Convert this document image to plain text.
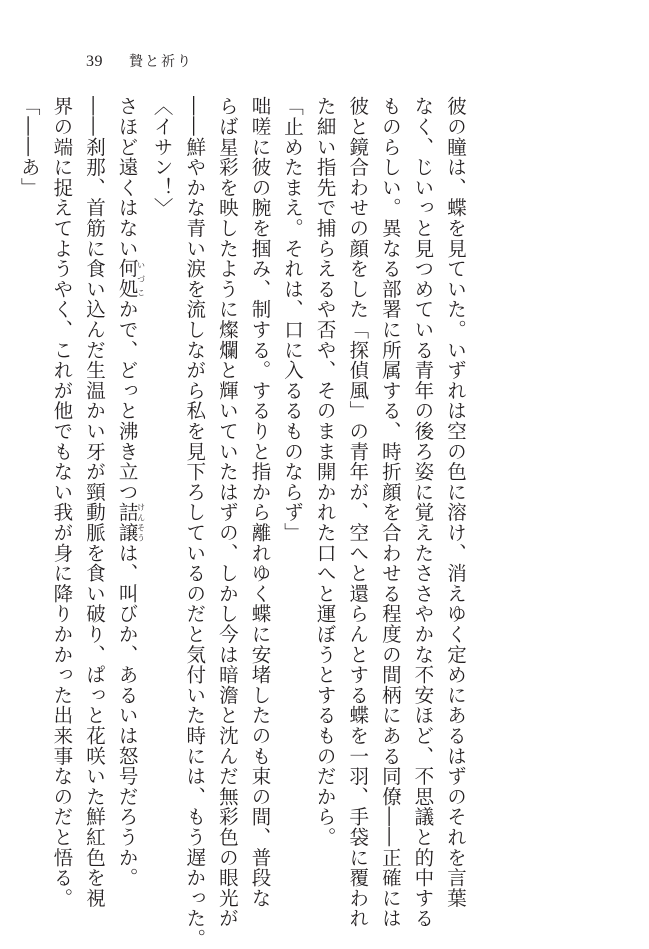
39 贄と祈り
彼の瞳は、蝶を見ていた。いずれは空の色に溶け、消えゆく定めにあるはずのそれを言葉
なく、じいっと見つめている青年の後ろ姿に覚えたささやかな不安ほど、不思議と的中する
ものらしい。異なる部署に所属する、時折顔を合わせる程度の間柄にある同僚――正確には
彼と鏡合わせの顔をした「探偵風」の青年が、空へと還らんとする蝶を一羽、手袋に覆われ
た細い指先で捕らえるや否や、そのまま開かれた口へと運ぼうとするものだから。
「止めたまえ。それは、口に入るるものならず」
咄嗟に彼の腕を掴み、制する。するりと指から離れゆく蝶に安堵したのも束の間、普段な
らば星彩を映したように燦爛と輝いていたはずの、しかし今は暗澹と沈んだ無彩色の眼光が
――鮮やかな青い涙を流しながら私を見下ろしているのだと気付いた時には、もう遅かった。
〈イサン！〉
さほど遠くはない何処いづこかで、どっと沸き立つ詰譲けんそうは、叫びか、あるいは怒号だろうか。
――刹那、首筋に食い込んだ生温かい牙が頸動脈を食い破り、ぱっと花咲いた鮮紅色を視
界の端に捉えてようやく、これが他でもない我が身に降りかかった出来事なのだと悟る。
「――あ」
